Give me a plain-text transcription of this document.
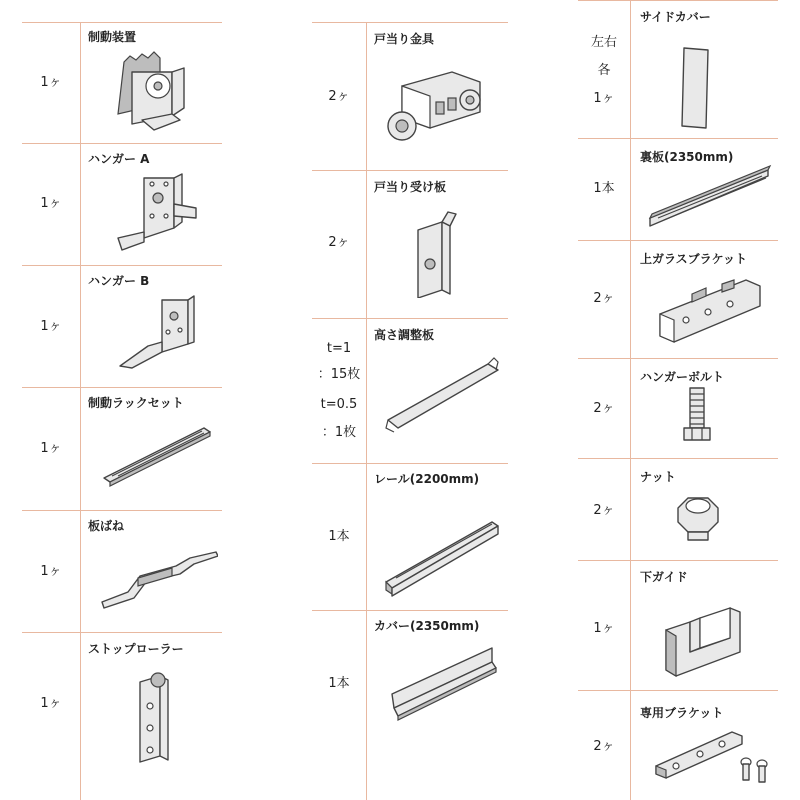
1ヶ
制動装置
1ヶ
ハンガー A
1ヶ
ハンガー B
1ヶ
制動ラックセット
1ヶ
板ばね
1ヶ
ストップローラー
2ヶ
戸当り金具
2ヶ
戸当り受け板
t=1
：15枚
t=0.5
：1枚
高さ調整板
1本
レール(2200mm)
1本
カバー(2350mm)
左右
各
1ヶ
サイドカバー
1本
裏板(2350mm)
2ヶ
上ガラスブラケット
2ヶ
ハンガーボルト
2ヶ
ナット
1ヶ
下ガイド
2ヶ
専用ブラケット
